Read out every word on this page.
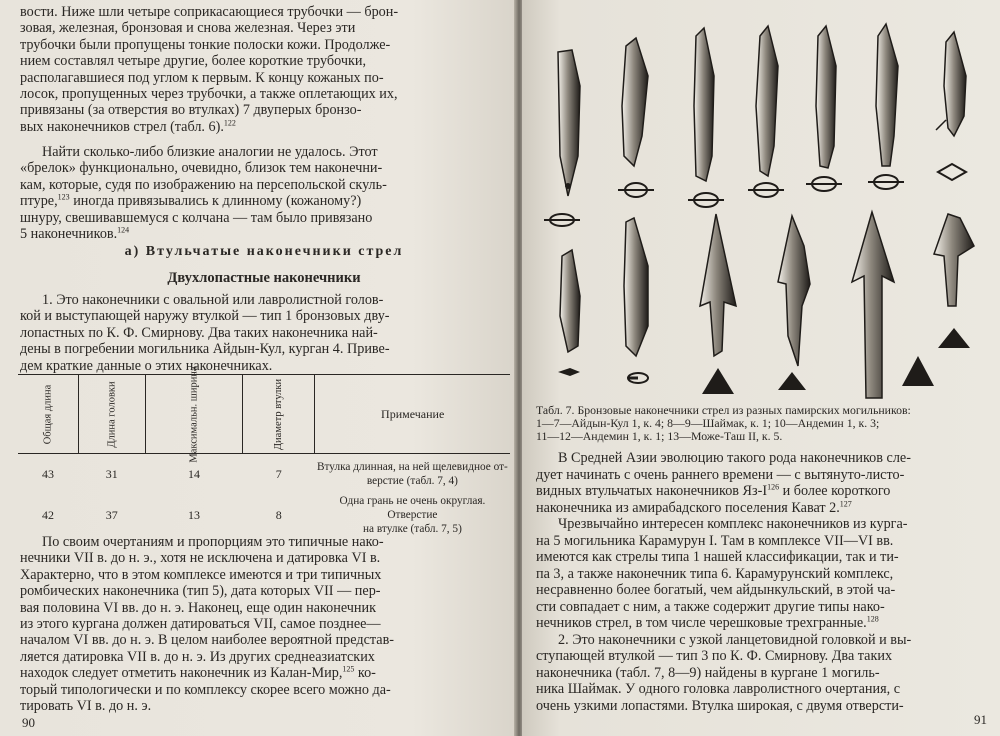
вости. Ниже шли четыре соприкасающиеся трубочки — брон-

зовая, железная, бронзовая и снова железная. Через эти

трубочки были пропущены тонкие полоски кожи. Продолже-

нием составлял четыре другие, более короткие трубочки,

располагавшиеся под углом к первым. К концу кожаных по-

лосок, пропущенных через трубочки, а также оплетающих их,

привязаны (за отверстия во втулках) 7 двуперых бронзо-

вых наконечников стрел (табл. 6).$^{122}$

Найти сколько-либо близкие аналогии не удалось. Этот

«брелок» функционально, очевидно, близок тем наконечни-

кам, которые, судя по изображению на персепольской скуль-

птуре,$^{123}$ иногда привязывались к длинному (кожаному?)

шнуру, свешивавшемуся с колчана — там было привязано

5 наконечников.$^{124}$

а) Втульчатые наконечники стрел
Двухлопастные наконечники

1. Это наконечники с овальной или лавролистной голов-

кой и выступающей наружу втулкой — тип 1 бронзовых дву-

лопастных по К. Ф. Смирнову. Два таких наконечника най-

дены в погребении могильника Айдын-Кул, курган 4. Приве-

дем краткие данные о этих наконечниках.

Общая длина	Длина головки	Максимальн. ширина	Диаметр втулки	Примечание
43	31	14	7	Втулка длинная, на ней щелевидное от-
верстие (табл. 7, 4)

42	37	13	8	Одна грань не очень округлая. Отверстие
на втулке (табл. 7, 5)

По своим очертаниям и пропорциям это типичные нако-

нечники VII в. до н. э., хотя не исключена и датировка VI в.

Характерно, что в этом комплексе имеются и три типичных

ромбических наконечника (тип 5), дата которых VII — пер-

вая половина VI вв. до н. э. Наконец, еще один наконечник

из этого кургана должен датироваться VII, самое позднее—

началом VI вв. до н. э. В целом наиболее вероятной представ-

ляется датировка VII в. до н. э. Из других среднеазиатских

находок следует отметить наконечник из Калан-Мир,$^{125}$ ко-

торый типологически и по комплексу скорее всего можно да-

тировать VI в. до н. э.

90
Табл. 7. Бронзовые наконечники стрел из разных памирских могильников:
1—7—Айдын-Кул 1, к. 4; 8—9—Шаймак, к. 1; 10—Андемин 1, к. 3;
11—12—Андемин 1, к. 1; 13—Може-Таш II, к. 5.

В Средней Азии эволюцию такого рода наконечников сле-

дует начинать с очень раннего времени — с вытянуто-листо-

видных втульчатых наконечников $Яз-I^{126}$ и более короткого

наконечника из амирабадского поселения Кават 2.$^{127}$

Чрезвычайно интересен комплекс наконечников из курга-

на 5 могильника Карамурун I. Там в комплексе VII—VI вв.

имеются как стрелы типа 1 нашей классификации, так и ти-

па 3, а также наконечник типа 6. Карамурунский комплекс,

несравненно более богатый, чем айдынкульский, в этой ча-

сти совпадает с ним, а также содержит другие типы нако-

нечников стрел, в том числе черешковые трехгранные.$^{128}$

2. Это наконечники с узкой ланцетовидной головкой и вы-

ступающей втулкой — тип 3 по К. Ф. Смирнову. Два таких

наконечника (табл. 7, 8—9) найдены в кургане 1 могиль-

ника Шаймак. У одного головка лавролистного очертания, с

очень узкими лопастями. Втулка широкая, с двумя отверсти-

91
